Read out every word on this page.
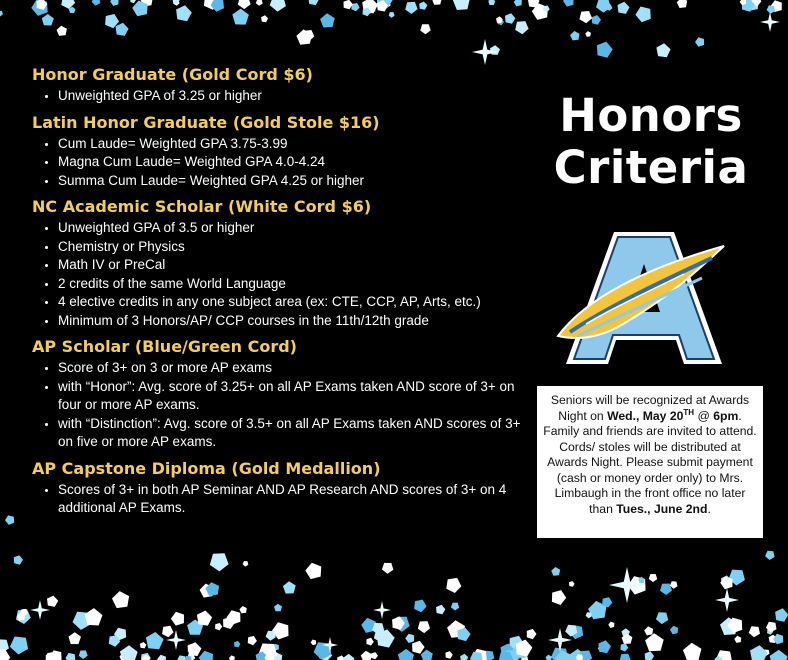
Honor Graduate (Gold Cord $6)
• Unweighted GPA of 3.25 or higher
Latin Honor Graduate (Gold Stole $16)
• Cum Laude= Weighted GPA 3.75-3.99
• Magna Cum Laude= Weighted GPA 4.0-4.24
• Summa Cum Laude= Weighted GPA 4.25 or higher
NC Academic Scholar (White Cord $6)
• Unweighted GPA of 3.5 or higher
• Chemistry or Physics
• Math IV or PreCal
• 2 credits of the same World Language
• 4 elective credits in any one subject area (ex: CTE, CCP, AP, Arts, etc.)
• Minimum of 3 Honors/AP/ CCP courses in the 11th/12th grade
AP Scholar (Blue/Green Cord)
• Score of 3+ on 3 or more AP exams
• with “Honor”: Avg. score of 3.25+ on all AP Exams taken AND score of 3+ on four or more AP exams.
• with “Distinction”: Avg. score of 3.5+ on all AP Exams taken AND scores of 3+ on five or more AP exams.
AP Capstone Diploma (Gold Medallion)
• Scores of 3+ in both AP Seminar AND AP Research AND scores of 3+ on 4 additional AP Exams.
Honors
Criteria
Seniors will be recognized at Awards Night on Wed., May 20TH @ 6pm. Family and friends are invited to attend. Cords/ stoles will be distributed at Awards Night. Please submit payment (cash or money order only) to Mrs. Limbaugh in the front office no later than Tues., June 2nd.
